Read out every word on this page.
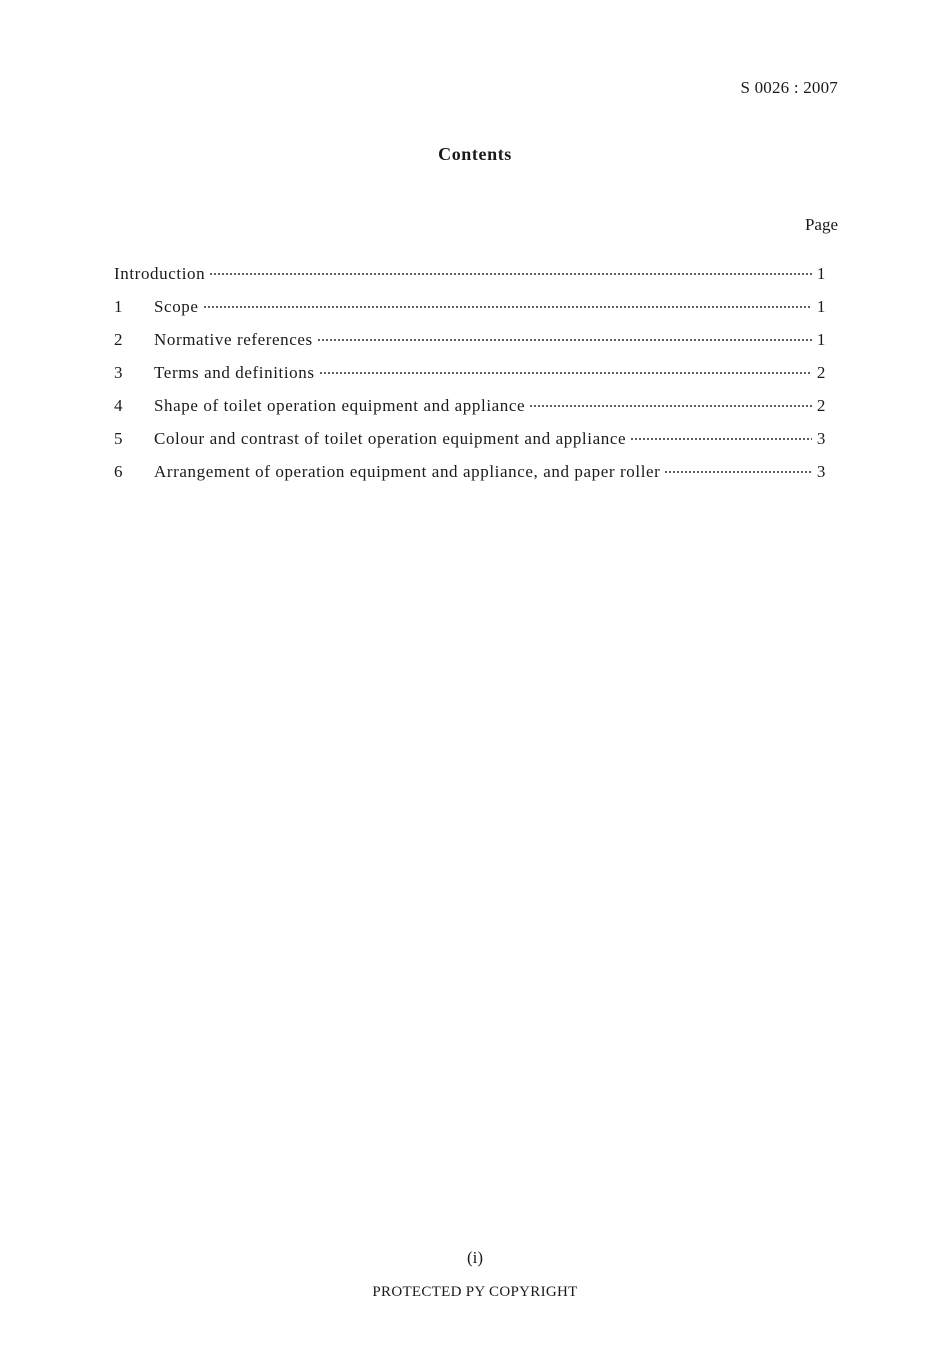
S 0026 : 2007
Contents
Page
Introduction	1
1	Scope	1
2	Normative references	1
3	Terms and definitions	2
4	Shape of toilet operation equipment and appliance	2
5	Colour and contrast of toilet operation equipment and appliance	3
6	Arrangement of operation equipment and appliance, and paper roller	3
(i)
PROTECTED PY COPYRIGHT
